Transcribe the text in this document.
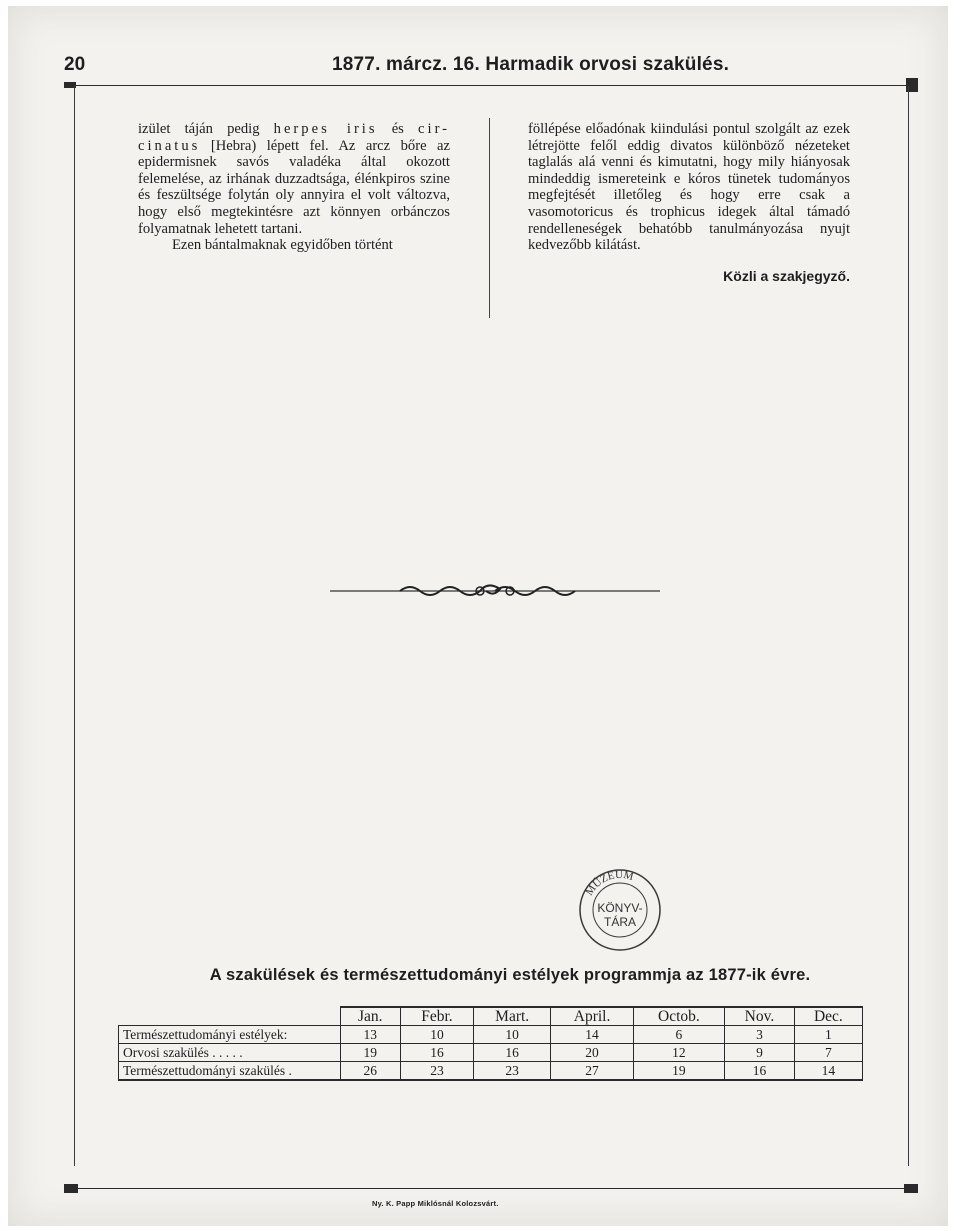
20	1877. márcz. 16. Harmadik orvosi szakülés.

izület táján pedig herpes iris és cir- cinatus [Hebra) lépett fel. Az arcz bőre az epidermisnek savós valadéka által okozott felemelése, az irhának duzzadtsága, élénkpiros szine és feszültsége folytán oly annyira el volt változva, hogy első megtekintésre azt könnyen orbánczos folyamatnak lehetett tartani.

Ezen bántalmaknak egyidőben történt

föllépése előadónak kiindulási pontul szolgált az ezek létrejötte felől eddig divatos különböző nézeteket taglalás alá venni és kimutatni, hogy mily hiányosak mindeddig ismereteink e kóros tünetek tudományos megfejtését illetőleg és hogy erre csak a vasomotoricus és trophicus idegek által támadó rendelleneségek behatóbb tanulmányozása nyujt kedvezőbb kilátást.

Közli a szakjegyző.

MÚZEUM
KÖNYV-
TÁRA
A szakülések és természettudományi estélyek programmja az 1877-ik évre.
	Jan.	Febr.	Mart.	April.	Octob.	Nov.	Dec.
Természettudományi estélyek:	13	10	10	14	6	3	1
Orvosi szakülés . . . . .	19	16	16	20	12	9	7
Természettudományi szakülés .	26	23	23	27	19	16	14
Ny. K. Papp Miklósnál Kolozsvárt.
